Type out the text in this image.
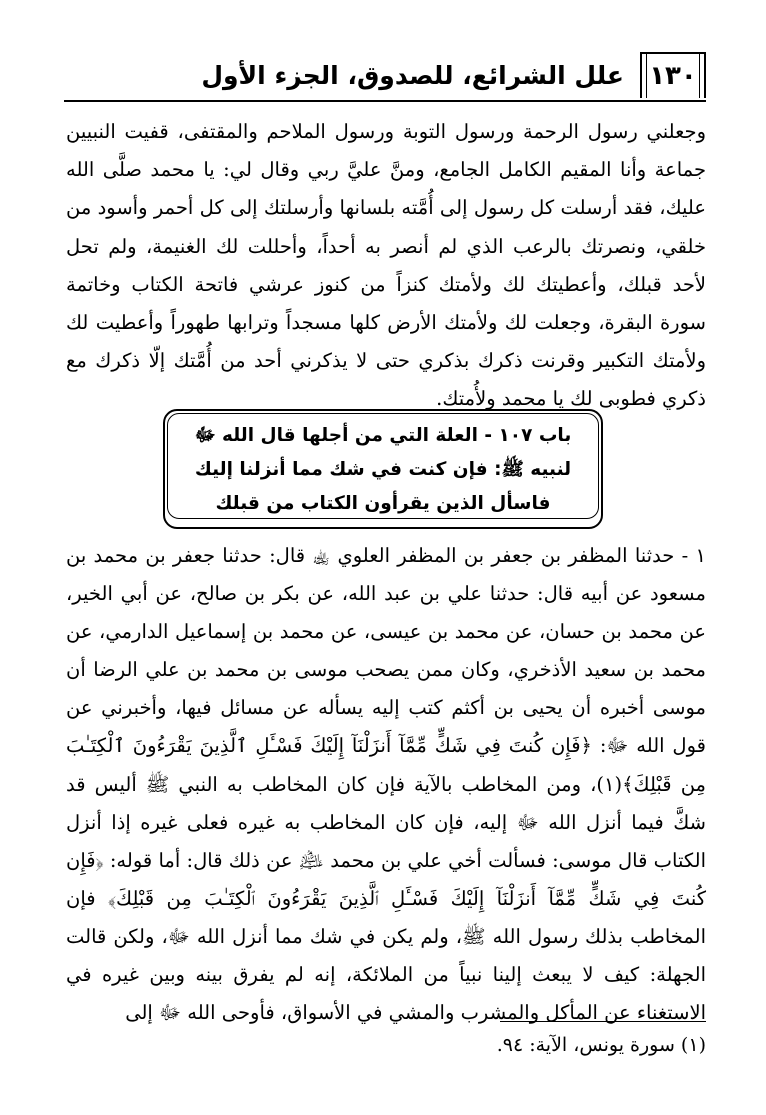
علل الشرائع، للصدوق، الجزء الأول ١٣٠
وجعلني رسول الرحمة ورسول التوبة ورسول الملاحم والمقتفى، قفيت النبيين جماعة وأنا المقيم الكامل الجامع، ومنَّ عليَّ ربي وقال لي: يا محمد صلَّى الله عليك، فقد أرسلت كل رسول إلى أُمَّته بلسانها وأرسلتك إلى كل أحمر وأسود من خلقي، ونصرتك بالرعب الذي لم أنصر به أحداً، وأحللت لك الغنيمة، ولم تحل لأحد قبلك، وأعطيتك لك ولأمتك كنزاً من كنوز عرشي فاتحة الكتاب وخاتمة سورة البقرة، وجعلت لك ولأمتك الأرض كلها مسجداً وترابها طهوراً وأعطيت لك ولأمتك التكبير وقرنت ذكرك بذكري حتى لا يذكرني أحد من أُمَّتك إلّا ذكرك مع ذكري فطوبى لك يا محمد ولأُمتك.
باب ١٠٧ - العلة التي من أجلها قال الله ﷻ لنبيه ﷺ: فإن كنت في شك مما أنزلنا إليك فاسأل الذين يقرأون الكتاب من قبلك
١ - حدثنا المظفر بن جعفر بن المظفر العلوي ﵀ قال: حدثنا جعفر بن محمد بن مسعود عن أبيه قال: حدثنا علي بن عبد الله، عن بكر بن صالح، عن أبي الخير، عن محمد بن حسان، عن محمد بن عيسى، عن محمد بن إسماعيل الدارمي، عن محمد بن سعيد الأذخري، وكان ممن يصحب موسى بن محمد بن علي الرضا أن موسى أخبره أن يحيى بن أكثم كتب إليه يسأله عن مسائل فيها، وأخبرني عن قول الله ﷻ: ﴿فَإِن كُنتَ فِي شَكٍّ مِّمَّآ أَنزَلْنَآ إِلَيْكَ فَسْـَٔلِ ٱلَّذِينَ يَقْرَءُونَ ٱلْكِتَـٰبَ مِن قَبْلِكَ﴾(١)، ومن المخاطب بالآية فإن كان المخاطب به النبي ﷺ أليس قد شكَّ فيما أنزل الله ﷻ إليه، فإن كان المخاطب به غيره فعلى غيره إذا أنزل الكتاب قال موسى: فسألت أخي علي بن محمد ﵇ عن ذلك قال: أما قوله: ﴿فَإِن كُنتَ فِي شَكٍّ مِّمَّآ أَنزَلْنَآ إِلَيْكَ فَسْـَٔلِ ٱلَّذِينَ يَقْرَءُونَ ٱلْكِتَـٰبَ مِن قَبْلِكَ﴾ فإن المخاطب بذلك رسول الله ﷺ، ولم يكن في شك مما أنزل الله ﷻ، ولكن قالت الجهلة: كيف لا يبعث إلينا نبياً من الملائكة، إنه لم يفرق بينه وبين غيره في الاستغناء عن المأكل والمشرب والمشي في الأسواق، فأوحى الله ﷻ إلى
(١) سورة يونس، الآية: ٩٤.
